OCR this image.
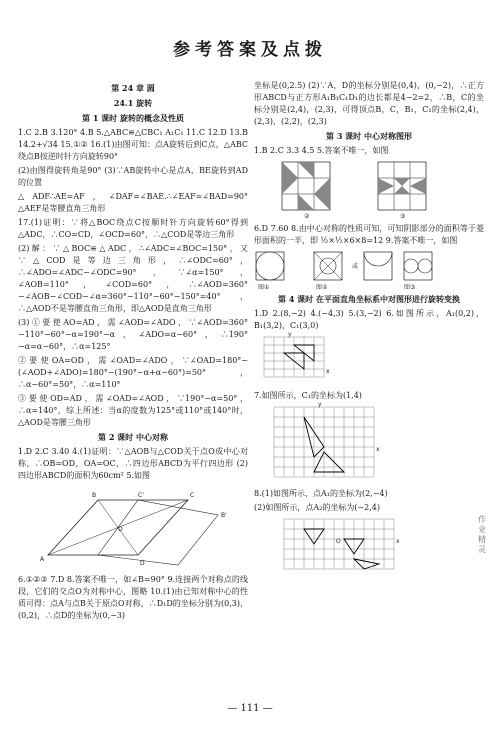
参考答案及点拨
第 24 章 圆
24.1 旋转
第 1 课时 旋转的概念及性质

1.C 2.B 3.120° 4.B 5.△ABC≌△CBC₁ A₁C₁ 11.C 12.D 13.B 14.2+√34 15.①② 16.(1)由图可知：点A旋转后到C点，△ABC绕点B按逆时针方向旋转90°

(2)由图得旋转角是90° (3)∵AB旋转中心是点A，BE旋转到AD的位置

△ADF∴AE=AF，∠DAF=∠BAE.∴∠EAF=∠BAD=90° △AEF是等腰直角三角形

17.(1)证明：∵将△BOC绕点C按顺时针方向旋转60°得到△ADC，∴CO=CD，∠OCD=60°，∴△COD是等边三角形

(2)解：∵△BOC≌△ADC，∴∠ADC=∠BOC=150°，又∵△COD是等边三角形，∴∠ODC=60°，∴∠ADO=∠ADC−∠ODC=90°，∵∠α=150°，∠AOB=110°，∠COD=60°，∴∠AOD=360°−∠AOB−∠COD−∠α=360°−110°−60°−150°=40°，∴△AOD不是等腰直角三角形，即△AOD是直角三角形

(3)①要使AO=AD，需∠AOD=∠ADO，∵∠AOD=360°−110°−60°−α=190°−α，∠ADO=α−60°，∴190°−α=α−60°，∴α=125°

②要使OA=OD，需∠OAD=∠ADO，∵∠OAD=180°−(∠AOD+∠ADO)=180°−(190°−α+α−60°)=50°，∴α−60°=50°，∴α=110°

③要使OD=AD，需∠OAD=∠AOD，∵190°−α=50°，∴α=140°，综上所述：当α的度数为125°或110°或140°时，△AOD是等腰三角形

第 2 课时 中心对称

1.D 2.C 3.40 4.(1)证明：∵△AOB与△COD关于点O成中心对称，∴OB=OD，OA=OC，∴四边形ABCD为平行四边形 (2)四边形ABCD的面积为60cm² 5.如图

A
B	C
D
O
B'
C'

6.①②③ 7.D 8.答案不唯一，如∠B=90° 9.连接两个对称点的线段，它们的交点O为对称中心，图略 10.(1)由已知对称中心的性质可得：点A与点B关于原点O对称，∴D₁D的坐标分别为(0,3)，(0,2)，∴点D的坐标为(0,−3)

坐标是(0,2.5) (2)∵A，D的坐标分别是(0,4)，(0,−2)，∴正方形ABCD与正方形A₁B₁C₁D₁的边长都是4−2=2，∴B，C的坐标分别是(2,4)，(2,3)，可得顶点B，C，B₁，C₁的坐标(2,4)，(2,3)，(2,2)，(2,3)

第 3 课时 中心对称图形

1.B 2.C 3.3 4.5 5.答案不唯一，如图

②	③

6.D 7.60 8.由中心对称的性质可知，可知阴影部分的面积等于菱形面积的一半，即 ½×½×6×8=12 9.答案不唯一，如图

或
图①	图②	图③
第 4 课时 在平面直角坐标系中对图形进行旋转变换

1.D 2.(8,−2) 4.(−4,3) 5.(3,−2) 6.如图所示，A₁(0,2)，B₁(3,2)，C₁(3,0)

x
y

7.如图所示，C₁的坐标为(1,4)

x
y

8.(1)如图所示，点A₁的坐标为(2,−4)

(2)如图所示，点A₂的坐标为(−2,4)

x
O
作业精灵
— 111 —
